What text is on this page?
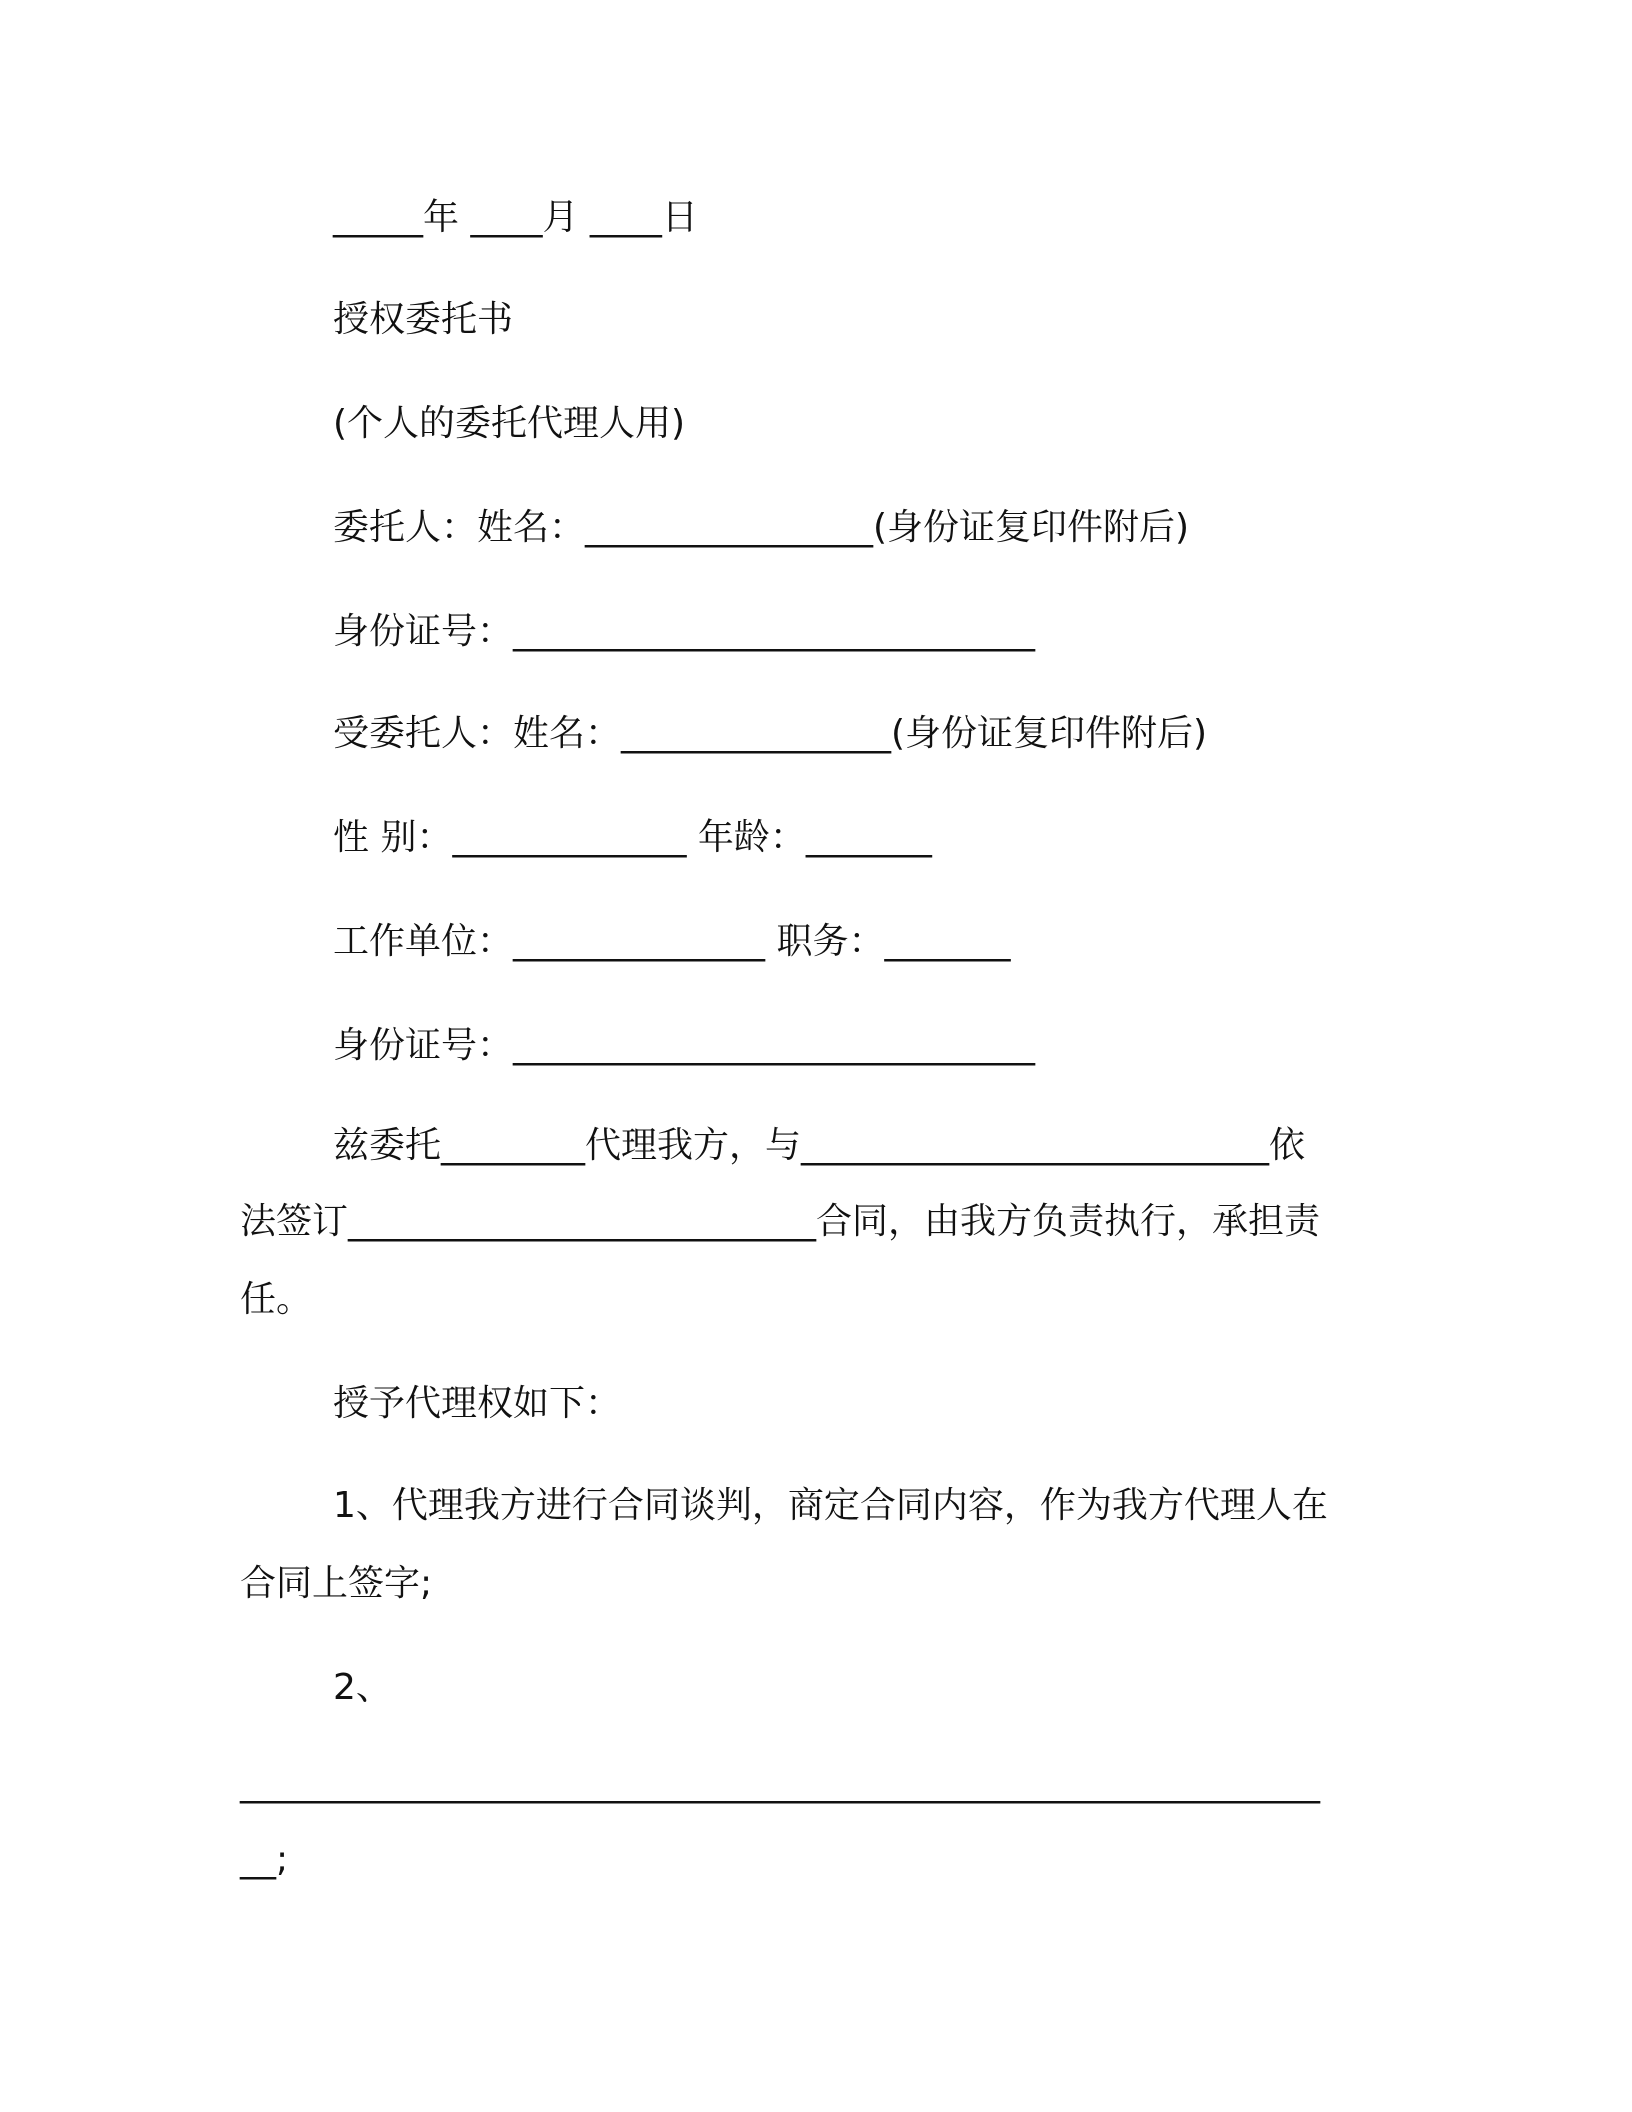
_____年 ____月 ____日
授权委托书
(个人的委托代理人用)
委托人：姓名：________________(身份证复印件附后)
身份证号：_____________________________
受委托人：姓名：_______________(身份证复印件附后)
性 别：_____________ 年龄：_______
工作单位：______________ 职务：_______
身份证号：_____________________________
兹委托________代理我方，与__________________________依
法签订__________________________合同，由我方负责执行，承担责
任。
授予代理权如下：
1、代理我方进行合同谈判，商定合同内容，作为我方代理人在
合同上签字;
2、
____________________________________________________________
__;
